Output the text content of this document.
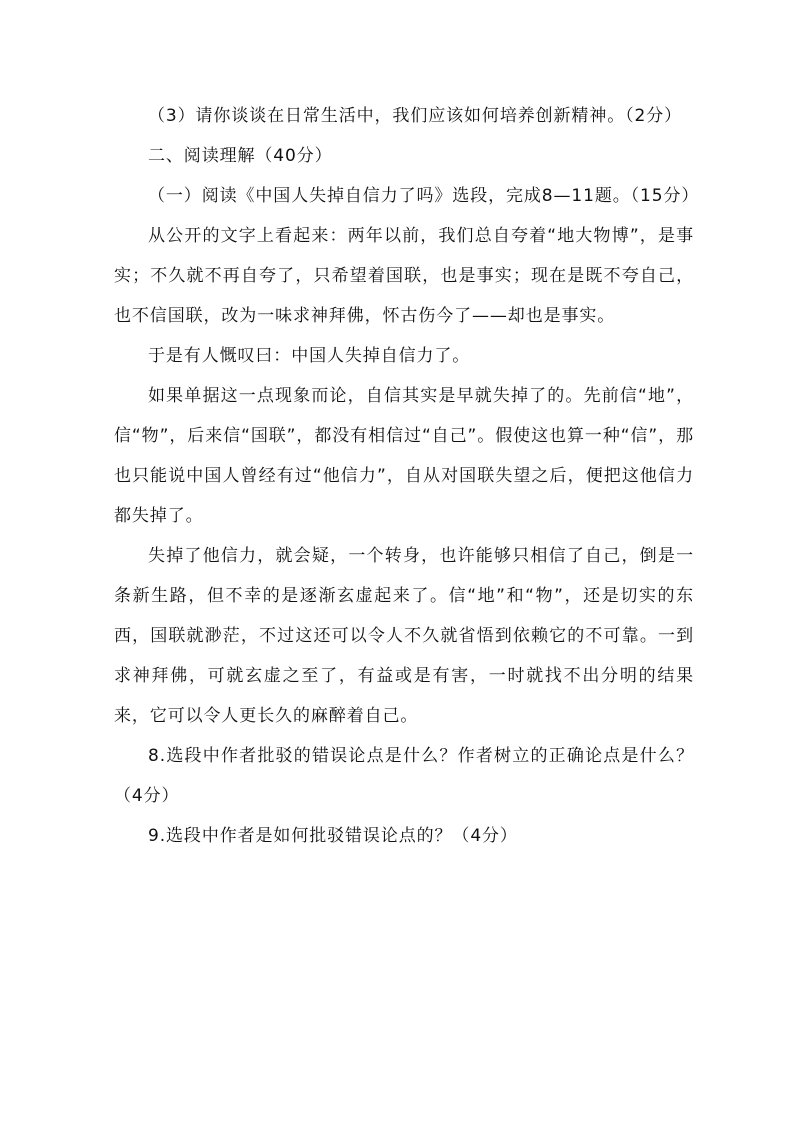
（3）请你谈谈在日常生活中，我们应该如何培养创新精神。（2分）

二、阅读理解（40分）

（一）阅读《中国人失掉自信力了吗》选段，完成8—11题。（15分）

从公开的文字上看起来：两年以前，我们总自夸着“地大物博”，是事实；不久就不再自夸了，只希望着国联，也是事实；现在是既不夸自己，也不信国联，改为一味求神拜佛，怀古伤今了——却也是事实。

于是有人慨叹曰：中国人失掉自信力了。

如果单据这一点现象而论，自信其实是早就失掉了的。先前信“地”，信“物”，后来信“国联”，都没有相信过“自己”。假使这也算一种“信”，那也只能说中国人曾经有过“他信力”，自从对国联失望之后，便把这他信力都失掉了。

失掉了他信力，就会疑，一个转身，也许能够只相信了自己，倒是一条新生路，但不幸的是逐渐玄虚起来了。信“地”和“物”，还是切实的东西，国联就渺茫，不过这还可以令人不久就省悟到依赖它的不可靠。一到求神拜佛，可就玄虚之至了，有益或是有害，一时就找不出分明的结果来，它可以令人更长久的麻醉着自己。

8.选段中作者批驳的错误论点是什么？作者树立的正确论点是什么？（4分）

9.选段中作者是如何批驳错误论点的？（4分）
